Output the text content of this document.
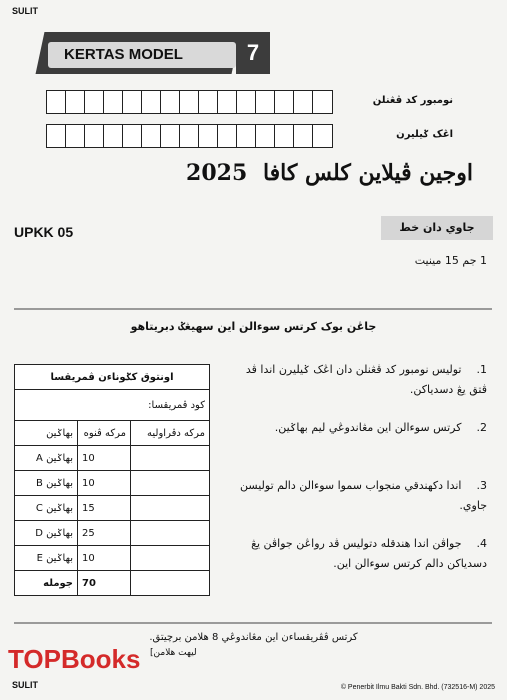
SULIT
KERTAS MODEL	7
نومبور کد ڤڠنلن
اڠک ݢيليرن
اوجين ڤيلاين كلس كافا 2025
UPKK 05	جاوي دان خط
1 جم 15 مينيت
جاڠن بوک کرتس سوءالن اين سهيڠݢ دبريتاهو
1. توليس نومبور كد ڤڠنلن دان اڠک ݢيليرن اندا ڤد ڤتق يڠ دسدياكن.
2. کرتس سوءالن اين مڠاندوڠي ليم بهاݢين.
3. اندا دكهندقي منجواب سموا سوءالن دالم توليسن جاوي.
4. جواڤن اندا هندقله دتوليس ڤد رواڠن جواڤن يڠ دسدياكن دالم کرتس سوءالن اين.
اونتوق كݢوناءن ڤمريقسا		
كود ڤمريقسا:		
بهاݢين	مركه ڤنوه	مركه دڤراوليه
بهاݢين A	10	
بهاݢين B	10	
بهاݢين C	15	
بهاݢين D	25	
بهاݢين E	10	
جوملە	70	
کرتس ڤڤريقساءن اين مڠاندوڠي 8 هلامن برچيتق.
[ليهت هلامن
TOPBooks
SULIT	© Penerbit Ilmu Bakti Sdn. Bhd. (732516-M) 2025
